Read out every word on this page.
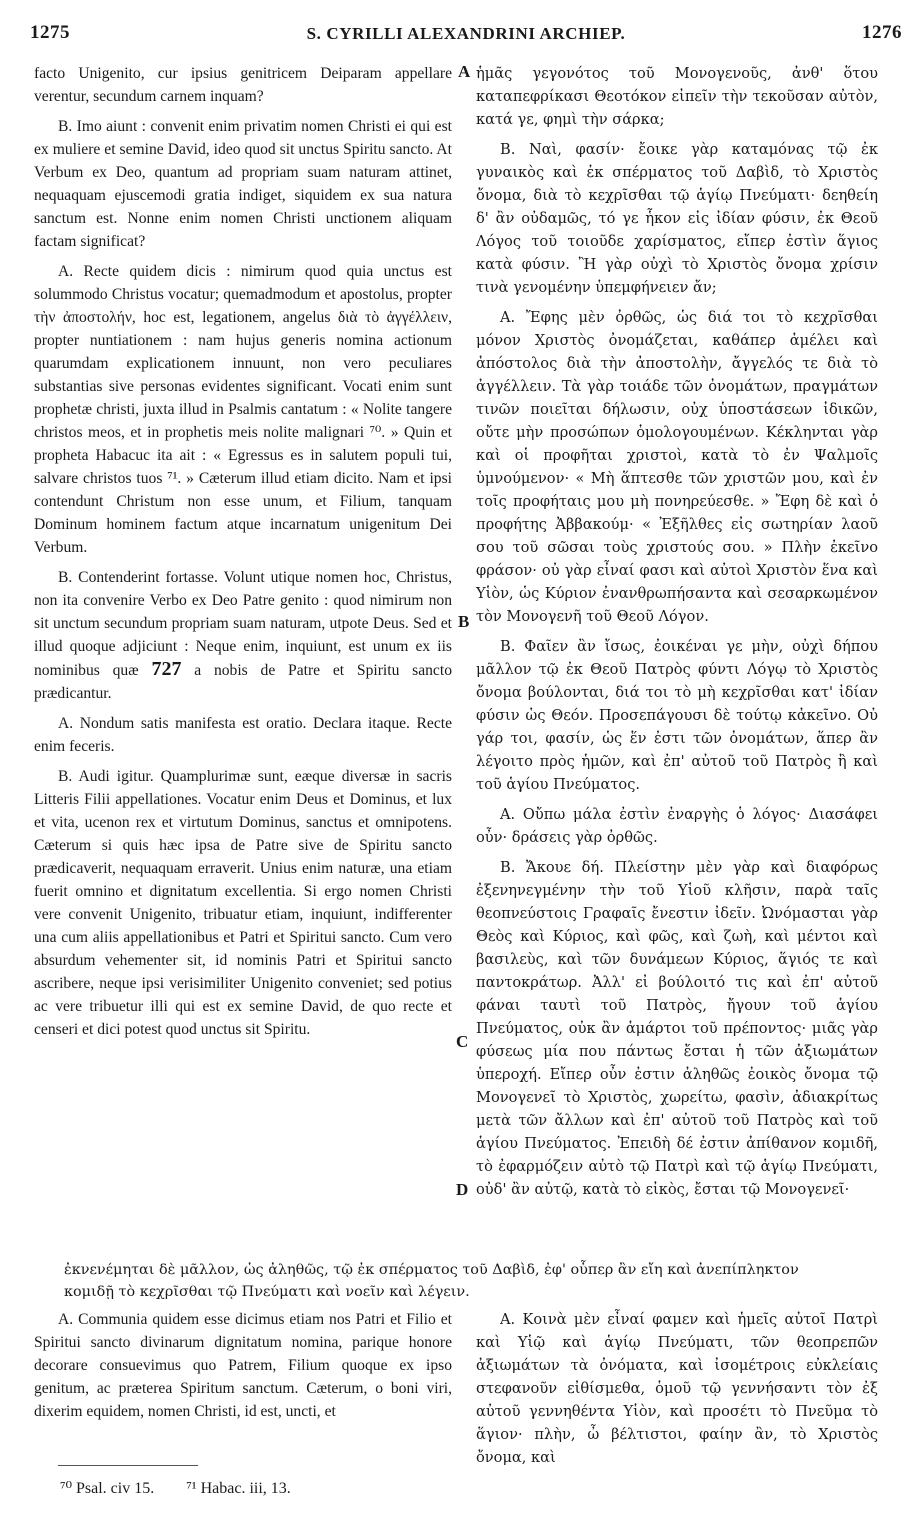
1275	S. CYRILLI ALEXANDRINI ARCHIEP.	1276
A
B
C
D

facto Unigenito, cur ipsius genitricem Deiparam appellare verentur, secundum carnem inquam?

B. Imo aiunt : convenit enim privatim nomen Christi ei qui est ex muliere et semine David, ideo quod sit unctus Spiritu sancto. At Verbum ex Deo, quantum ad propriam suam naturam attinet, nequaquam ejuscemodi gratia indiget, siquidem ex sua natura sanctum est. Nonne enim nomen Christi unctionem aliquam factam significat?

A. Recte quidem dicis : nimirum quod quia unctus est solummodo Christus vocatur; quemadmodum et apostolus, propter τὴν ἀποστολήν, hoc est, legationem, angelus διὰ τὸ ἀγγέλλειν, propter nuntiationem : nam hujus generis nomina actionum quarumdam explicationem innuunt, non vero peculiares substantias sive personas evidentes significant. Vocati enim sunt prophetæ christi, juxta illud in Psalmis cantatum : « Nolite tangere christos meos, et in prophetis meis nolite malignari ⁷⁰. » Quin et propheta Habacuc ita ait : « Egressus es in salutem populi tui, salvare christos tuos ⁷¹. » Cæterum illud etiam dicito. Nam et ipsi contendunt Christum non esse unum, et Filium, tanquam Dominum hominem factum atque incarnatum unigenitum Dei Verbum.

B. Contenderint fortasse. Volunt utique nomen hoc, Christus, non ita convenire Verbo ex Deo Patre genito : quod nimirum non sit unctum secundum propriam suam naturam, utpote Deus. Sed et illud quoque adjiciunt : Neque enim, inquiunt, est unum ex iis nominibus quæ 727 a nobis de Patre et Spiritu sancto prædicantur.

A. Nondum satis manifesta est oratio. Declara itaque. Recte enim feceris.

B. Audi igitur. Quamplurimæ sunt, eæque diversæ in sacris Litteris Filii appellationes. Vocatur enim Deus et Dominus, et lux et vita, ucenon rex et virtutum Dominus, sanctus et omnipotens. Cæterum si quis hæc ipsa de Patre sive de Spiritu sancto prædicaverit, nequaquam erraverit. Unius enim naturæ, una etiam fuerit omnino et dignitatum excellentia. Si ergo nomen Christi vere convenit Unigenito, tribuatur etiam, inquiunt, indifferenter una cum aliis appellationibus et Patri et Spiritui sancto. Cum vero absurdum vehementer sit, id nominis Patri et Spiritui sancto ascribere, neque ipsi verisimiliter Unigenito conveniet; sed potius ac vere tribuetur illi qui est ex semine David, de quo recte et censeri et dici potest quod unctus sit Spiritu.

ἡμᾶς γεγονότος τοῦ Μονογενοῦς, ἀνθ' ὅτου καταπεφρίκασι Θεοτόκον εἰπεῖν τὴν τεκοῦσαν αὐτὸν, κατά γε, φημὶ τὴν σάρκα;

Β. Ναὶ, φασίν· ἔοικε γὰρ καταμόνας τῷ ἐκ γυναικὸς καὶ ἐκ σπέρματος τοῦ Δαβὶδ, τὸ Χριστὸς ὄνομα, διὰ τὸ κεχρῖσθαι τῷ ἁγίῳ Πνεύματι· δεηθείη δ' ἂν οὐδαμῶς, τό γε ἧκον εἰς ἰδίαν φύσιν, ἐκ Θεοῦ Λόγος τοῦ τοιοῦδε χαρίσματος, εἴπερ ἐστὶν ἅγιος κατὰ φύσιν. Ἢ γὰρ οὐχὶ τὸ Χριστὸς ὄνομα χρίσιν τινὰ γενομένην ὑπεμφήνειεν ἄν;

Α. Ἔφης μὲν ὀρθῶς, ὡς διά τοι τὸ κεχρῖσθαι μόνον Χριστὸς ὀνομάζεται, καθάπερ ἀμέλει καὶ ἀπόστολος διὰ τὴν ἀποστολὴν, ἄγγελός τε διὰ τὸ ἀγγέλλειν. Τὰ γὰρ τοιάδε τῶν ὀνομάτων, πραγμάτων τινῶν ποιεῖται δήλωσιν, οὐχ ὑποστάσεων ἰδικῶν, οὔτε μὴν προσώπων ὁμολογουμένων. Κέκληνται γὰρ καὶ οἱ προφῆται χριστοὶ, κατὰ τὸ ἐν Ψαλμοῖς ὑμνούμενον· « Μὴ ἅπτεσθε τῶν χριστῶν μου, καὶ ἐν τοῖς προφήταις μου μὴ πονηρεύεσθε. » Ἔφη δὲ καὶ ὁ προφήτης Ἀββακούμ· « Ἐξῆλθες εἰς σωτηρίαν λαοῦ σου τοῦ σῶσαι τοὺς χριστούς σου. » Πλὴν ἐκεῖνο φράσον· οὐ γὰρ εἶναί φασι καὶ αὐτοὶ Χριστὸν ἕνα καὶ Υἱὸν, ὡς Κύριον ἐνανθρωπήσαντα καὶ σεσαρκωμένον τὸν Μονογενῆ τοῦ Θεοῦ Λόγον.

Β. Φαῖεν ἂν ἴσως, ἐοικέναι γε μὴν, οὐχὶ δήπου μᾶλλον τῷ ἐκ Θεοῦ Πατρὸς φύντι Λόγῳ τὸ Χριστὸς ὄνομα βούλονται, διά τοι τὸ μὴ κεχρῖσθαι κατ' ἰδίαν φύσιν ὡς Θεόν. Προσεπάγουσι δὲ τούτῳ κἀκεῖνο. Οὐ γάρ τοι, φασίν, ὡς ἕν ἐστι τῶν ὀνομάτων, ἅπερ ἂν λέγοιτο πρὸς ἡμῶν, καὶ ἐπ' αὐτοῦ τοῦ Πατρὸς ἢ καὶ τοῦ ἁγίου Πνεύματος.

Α. Οὔπω μάλα ἐστὶν ἐναργὴς ὁ λόγος· Διασάφει οὖν· δράσεις γὰρ ὀρθῶς.

Β. Ἄκουε δή. Πλείστην μὲν γὰρ καὶ διαφόρως ἐξενηνεγμένην τὴν τοῦ Υἱοῦ κλῆσιν, παρὰ ταῖς θεοπνεύστοις Γραφαῖς ἔνεστιν ἰδεῖν. Ὠνόμασται γὰρ Θεὸς καὶ Κύριος, καὶ φῶς, καὶ ζωὴ, καὶ μέντοι καὶ βασιλεὺς, καὶ τῶν δυνάμεων Κύριος, ἅγιός τε καὶ παντοκράτωρ. Ἀλλ' εἰ βούλοιτό τις καὶ ἐπ' αὐτοῦ φάναι ταυτὶ τοῦ Πατρὸς, ἤγουν τοῦ ἁγίου Πνεύματος, οὐκ ἂν ἁμάρτοι τοῦ πρέποντος· μιᾶς γὰρ φύσεως μία που πάντως ἔσται ἡ τῶν ἀξιωμάτων ὑπεροχή. Εἴπερ οὖν ἐστιν ἀληθῶς ἐοικὸς ὄνομα τῷ Μονογενεῖ τὸ Χριστὸς, χωρείτω, φασὶν, ἀδιακρίτως μετὰ τῶν ἄλλων καὶ ἐπ' αὐτοῦ τοῦ Πατρὸς καὶ τοῦ ἁγίου Πνεύματος. Ἐπειδὴ δέ ἐστιν ἀπίθανον κομιδῆ, τὸ ἐφαρμόζειν αὐτὸ τῷ Πατρὶ καὶ τῷ ἁγίῳ Πνεύματι, οὐδ' ἂν αὐτῷ, κατὰ τὸ εἰκὸς, ἔσται τῷ Μονογενεῖ·

ἐκνενέμηται δὲ μᾶλλον, ὡς ἀληθῶς, τῷ ἐκ σπέρματος τοῦ Δαβὶδ, ἐφ' οὗπερ ἂν εἴη καὶ ἀνεπίπληκτον
κομιδῇ τὸ κεχρῖσθαι τῷ Πνεύματι καὶ νοεῖν καὶ λέγειν.

A. Communia quidem esse dicimus etiam nos Patri et Filio et Spiritui sancto divinarum dignitatum nomina, parique honore decorare consuevimus quo Patrem, Filium quoque ex ipso genitum, ac præterea Spiritum sanctum. Cæterum, o boni viri, dixerim equidem, nomen Christi, id est, uncti, et

Α. Κοινὰ μὲν εἶναί φαμεν καὶ ἡμεῖς αὐτοῖ Πατρὶ καὶ Υἱῷ καὶ ἁγίῳ Πνεύματι, τῶν θεοπρεπῶν ἀξιωμάτων τὰ ὀνόματα, καὶ ἰσομέτροις εὐκλείαις στεφανοῦν εἰθίσμεθα, ὁμοῦ τῷ γεννήσαντι τὸν ἐξ αὐτοῦ γεννηθέντα Υἱὸν, καὶ προσέτι τὸ Πνεῦμα τὸ ἅγιον· πλὴν, ὦ βέλτιστοι, φαίην ἂν, τὸ Χριστὸς ὄνομα, καὶ

⁷⁰ Psal. civ 15. ⁷¹ Habac. iii, 13.
